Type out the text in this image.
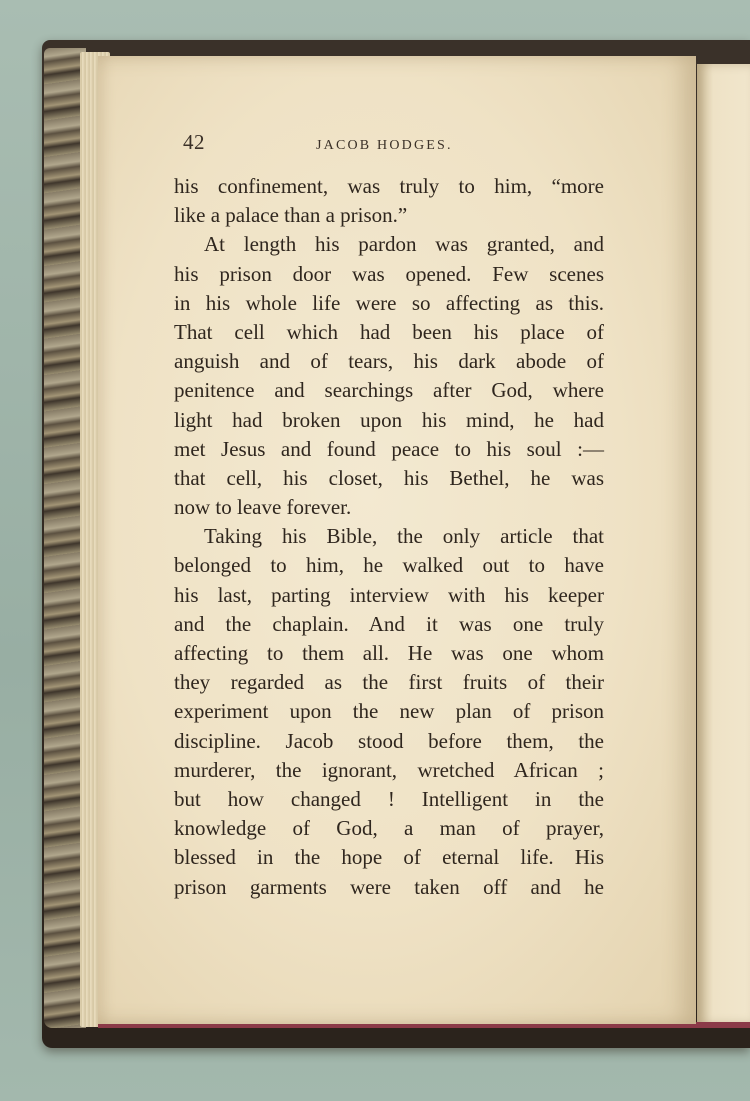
42	JACOB HODGES.
his confinement, was truly to him, “more
like a palace than a prison.”
At length his pardon was granted, and
his prison door was opened. Few scenes
in his whole life were so affecting as this.
That cell which had been his place of
anguish and of tears, his dark abode of
penitence and searchings after God, where
light had broken upon his mind, he had
met Jesus and found peace to his soul :—
that cell, his closet, his Bethel, he was
now to leave forever.
Taking his Bible, the only article that
belonged to him, he walked out to have
his last, parting interview with his keeper
and the chaplain. And it was one truly
affecting to them all. He was one whom
they regarded as the first fruits of their
experiment upon the new plan of prison
discipline. Jacob stood before them, the
murderer, the ignorant, wretched African ;
but how changed ! Intelligent in the
knowledge of God, a man of prayer,
blessed in the hope of eternal life. His
prison garments were taken off and he
